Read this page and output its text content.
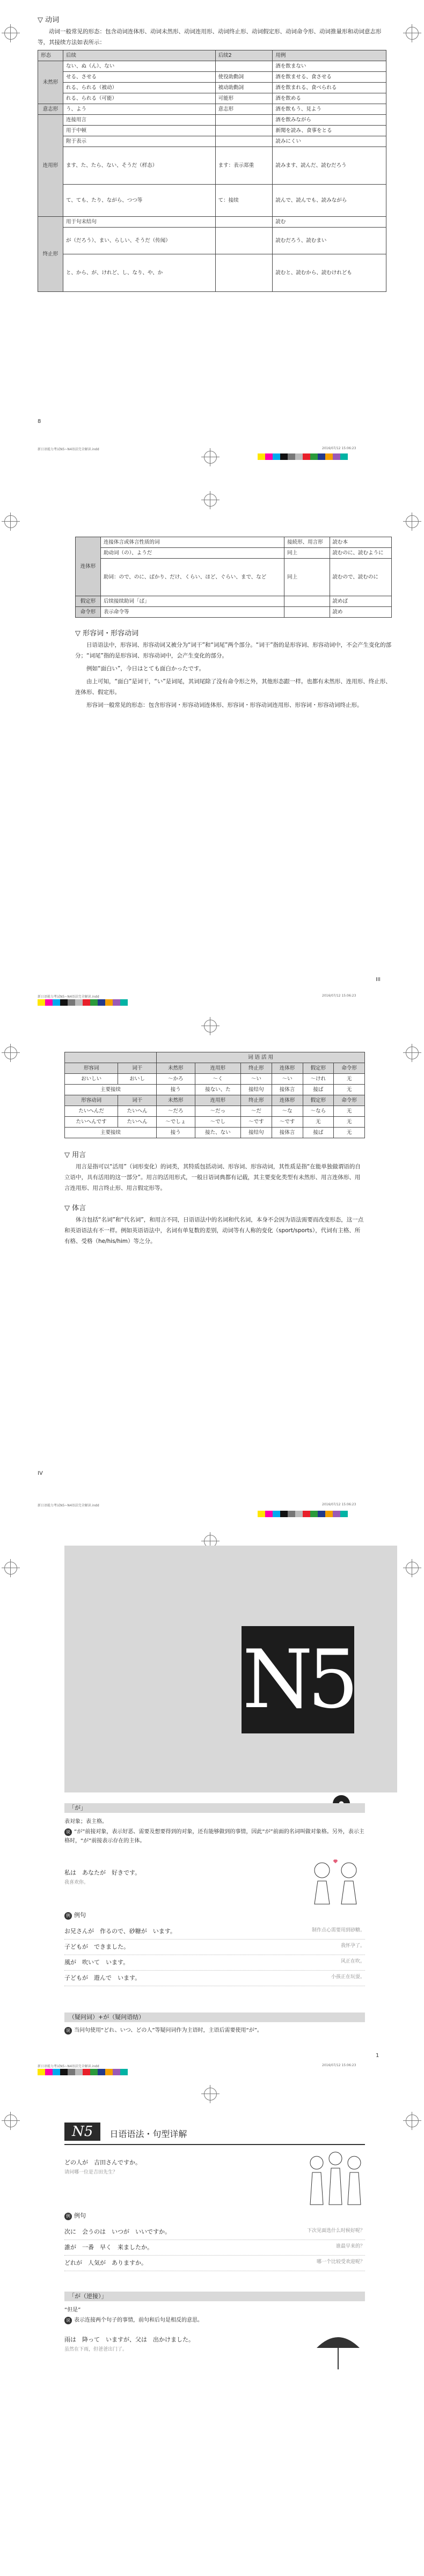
▽ 动词

动词一般常见的形态：包含动词连体形、动词未然形、动词连用形、动词终止形、动词假定形、动词命令形、动词推量形和动词意志形等，其接续方法如表所示：

形态	后续	后续2	用例
未然形	ない、ぬ（ん）、ない		酒を飲まない
	せる、させる	使役助動詞	酒を飲ませる、食させる
	れる、られる（被动）	被动助動詞	酒を飲まれる、食べられる
	れる、られる（可能）	可能形	酒を飲める
意志形	う、よう	意志形	酒を飲もう、見よう
连用形	连接用言		酒を飲みながら
	用于中顿		新聞を読み、食事をとる
	附于表示		読みにくい
	ます、た、たら、ない、そうだ（样态）	ます：表示郑重	読みます、読んだ、読むだろう
	て、ても、たり、ながら、つつ等	て：接续	読んで、読んでも、読みながら
终止形	用于句末结句		読む
	が（だろう）、まい、らしい、そうだ（传闻）		読むだろう、読むまい
	と、から、が、けれど、し、なり、や、か		読むと、読むから、読むけれども
8
新日语能力考试N5~N4语法完全解读.indd	2016/07/12 15:06:23
连体形	连接体言或体言性质的词	接続形、用言形	読む本
	助动词（の）、ようだ	同上	読むのに、読むように
	助词：ので、のに、ばかり、だけ、くらい、ほど、ぐらい、まで、など	同上	読むので、読むのに
假定形	后续接续助词「ば」		読めば
命令形	表示命令等		読め
▽ 形容词・形容动词

日语语法中，形容词、形容动词又被分为“词干”和“词尾”两个部分。“词干”指的是形容词、形容动词中，不会产生变化的部分；“词尾”指的是形容词、形容动词中，会产生变化的部分。

例如“面白い”，今日はとても面白かったです。

由上可知，“面白”是词干，“い”是词尾，其词尾除了没有命令形之外，其他形态跟一样。也都有未然形、连用形、终止形、连体形、假定形。

形容词一般常见的形态：包含形容词・形容动词连体形、形容词・形容动词连用形、形容词・形容动词终止形。

III
新日语能力考试N5~N4语法完全解读.indd	2016/07/12 15:06:23
		词 语 活 用					
形容词	词干	未然形	连用形	终止形	连体形	假定形	命令形
おいしい	おいし	～かろ	～く	～い	～い	～けれ	无
主要接续		接う	接ない、た	接结句	接体言	接ば	无
形容动词	词干	未然形	连用形	终止形	连体形	假定形	命令形
たいへんだ	たいへん	～だろ	～だっ	～だ	～な	～なら	无
たいへんです	たいへん	～でしょ	～でし	～です	～です	无	无
主要接续		接う	接た、ない	接结句	接体言	接ば	无
▽ 用言

用言是指可以“活用”（词形变化）的词类，其特质包括动词、形容词、形容动词，其性质是指“在能单独做谓语的自立语中，具有活用的这一部分”。用言的活用形式，一般日语词典都有记载，其主要变化类型有未然形、用言连体形、用言连用形、用言终止形、用言假定形等。

▽ 体言

体言包括“名词”和“代名词”，和用言不同，日语语法中的名词和代名词，本身不会因为语法需要而改变形态，这一点和英语语法有不一样。例如英语语法中，名词有单复数的差别，动词等有人称的变化（sport/sports），代词有主格、所有格、受格（he/his/him）等之分。

IV
新日语能力考试N5~N4语法完全解读.indd	2016/07/12 15:06:23
N5
「が」
表対象；表主格。
说 “が”前接对象，表示好恶、需要及想要得到的对象，还有能够做到的事情，因此“が”前面的名词叫做对象格。另外，表示主格时，“が”前接表示存在的主体。
私は　あなたが　好きです。
我喜欢你。
例 例句
お兄さんが　作るので、砂糖が　います。	制作点心需要用到砂糖。
子どもが　できました。	我怀孕了。
風が　吹いて　います。	风正在吹。
子どもが　遊んで　います。	小孩正在玩耍。
（疑问词）+が（疑问语结）
说 当问句使用“どれ、いつ、どの人”等疑问词作为主语时，主语后需要使用“が”。
1
新日语能力考试N5~N4语法完全解读.indd	2016/07/12 15:06:23
N5 日语语法・句型详解
どの人が　吉田さんですか。
请问哪一位是吉田先生？
例 例句
次に　会うのは　いつが　いいですか。	下次见面选什么时候好呢？
誰が　一番　早く　来ましたか。	谁最早来的？
どれが　人気が　ありますか。	哪一个比较受欢迎呢？
「が（逆接）」
“但是”
说 表示连接两个句子的事情，前句和后句是相反的意思。
雨は　降って　いますが、父は　出かけました。
虽然在下雨，但爸爸出门了。
